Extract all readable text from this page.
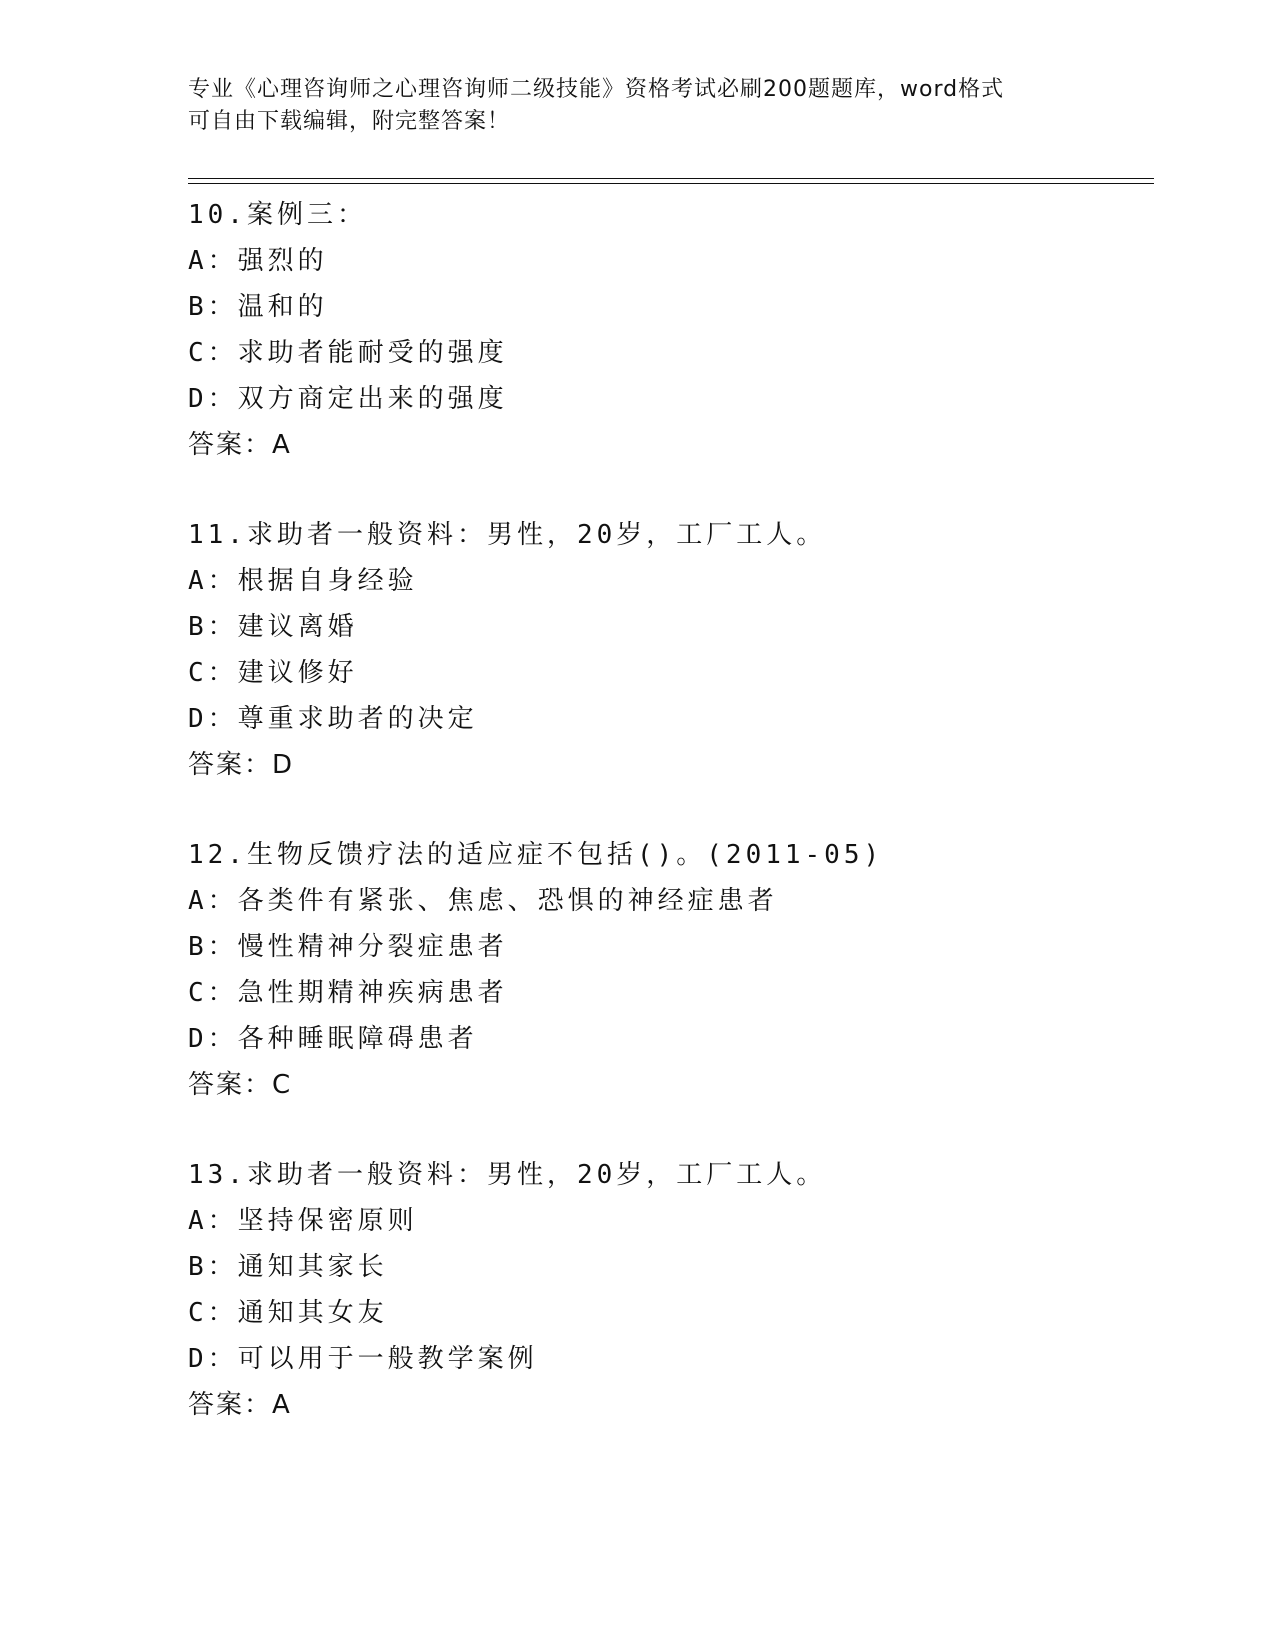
专业《心理咨询师之心理咨询师二级技能》资格考试必刷200题题库，word格式
可自由下载编辑，附完整答案！
10.案例三：
A：强烈的
B：温和的
C：求助者能耐受的强度
D：双方商定出来的强度
答案：A
11.求助者一般资料：男性，20岁，工厂工人。
A：根据自身经验
B：建议离婚
C：建议修好
D：尊重求助者的决定
答案：D
12.生物反馈疗法的适应症不包括()。(2011-05)
A：各类件有紧张、焦虑、恐惧的神经症患者
B：慢性精神分裂症患者
C：急性期精神疾病患者
D：各种睡眠障碍患者
答案：C
13.求助者一般资料：男性，20岁，工厂工人。
A：坚持保密原则
B：通知其家长
C：通知其女友
D：可以用于一般教学案例
答案：A
